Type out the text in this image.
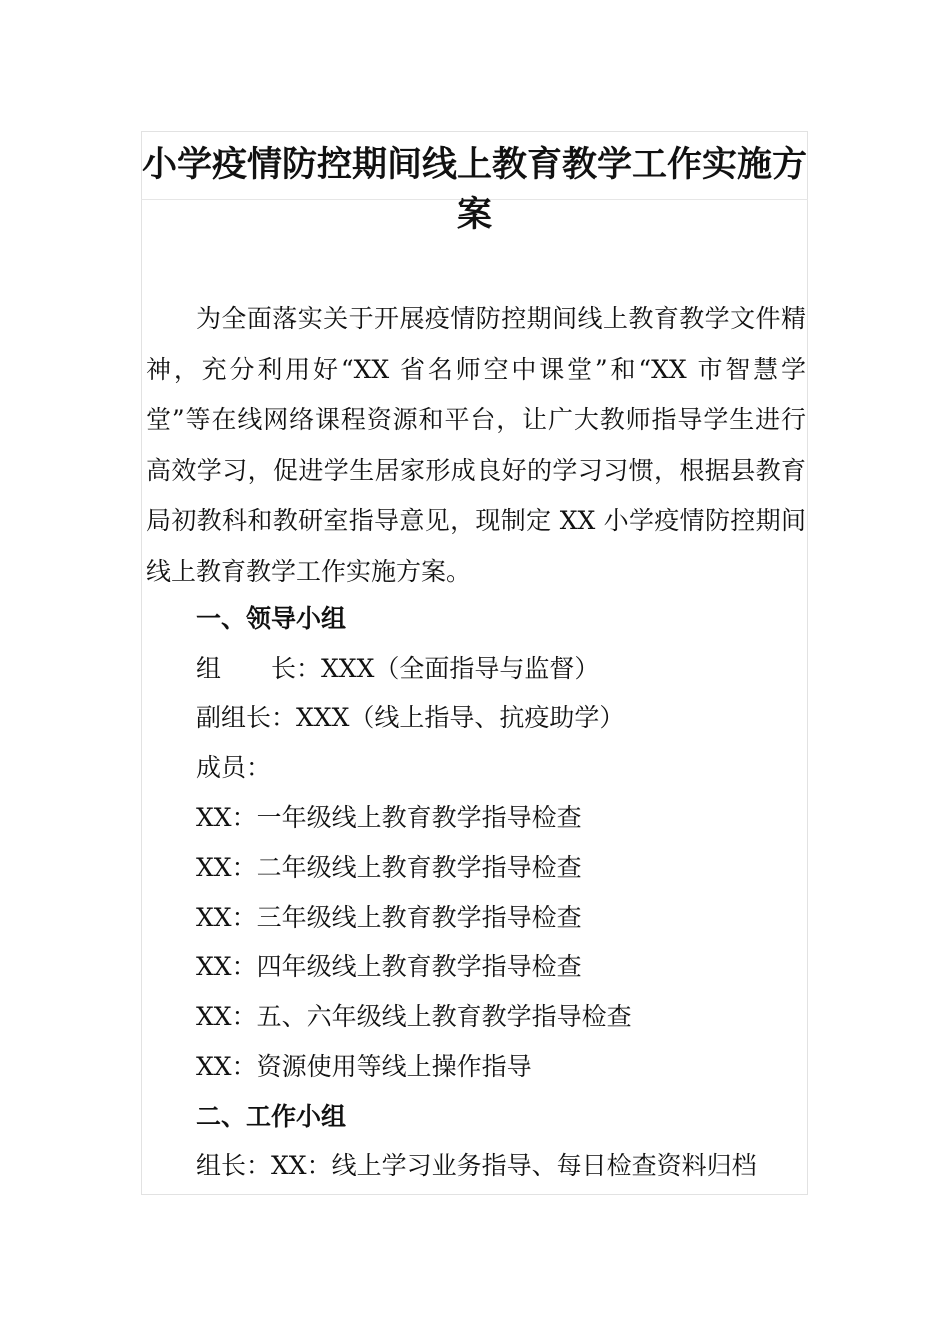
小学疫情防控期间线上教育教学工作实施方案

为全面落实关于开展疫情防控期间线上教育教学文件精神，充分利用好“XX 省名师空中课堂”和“XX 市智慧学堂”等在线网络课程资源和平台，让广大教师指导学生进行高效学习，促进学生居家形成良好的学习习惯，根据县教育局初教科和教研室指导意见，现制定 XX 小学疫情防控期间线上教育教学工作实施方案。

一、领导小组
组　　长：XXX（全面指导与监督）
副组长：XXX（线上指导、抗疫助学）
成员：
XX：一年级线上教育教学指导检查
XX：二年级线上教育教学指导检查
XX：三年级线上教育教学指导检查
XX：四年级线上教育教学指导检查
XX：五、六年级线上教育教学指导检查
XX：资源使用等线上操作指导
二、工作小组
组长：XX：线上学习业务指导、每日检查资料归档
